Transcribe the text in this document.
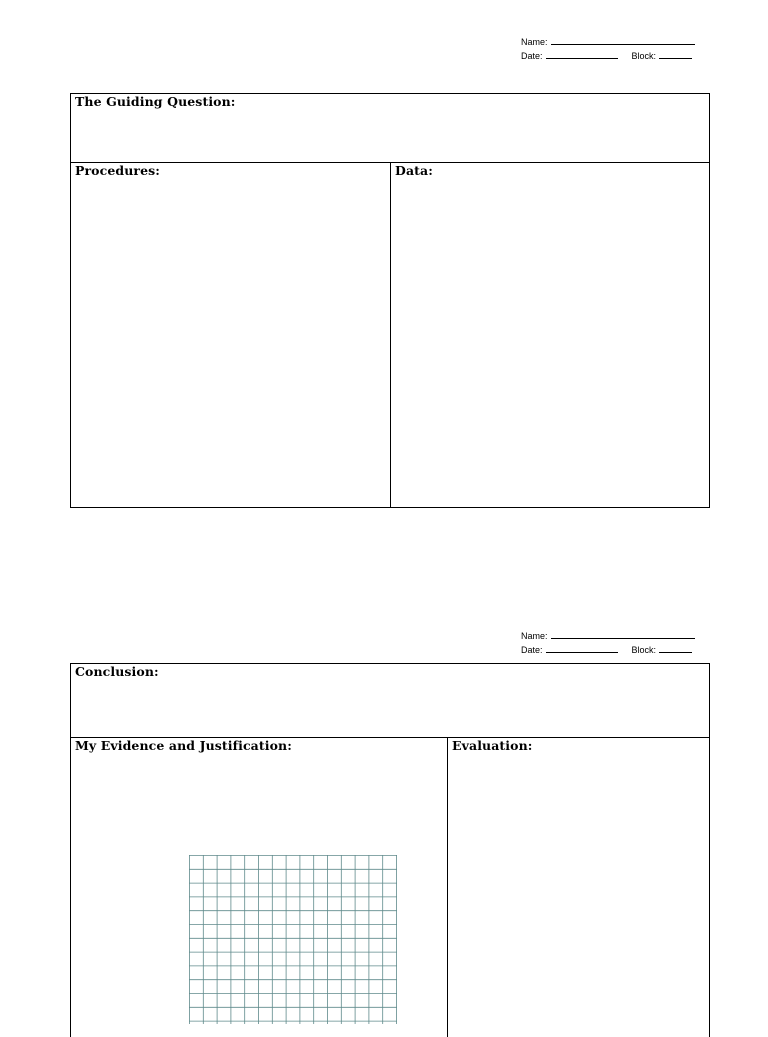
Name:
Date:	Block:
The Guiding Question:
Procedures:	Data:
Name:
Date:	Block:
Conclusion:
My Evidence and Justification:	Evaluation:
